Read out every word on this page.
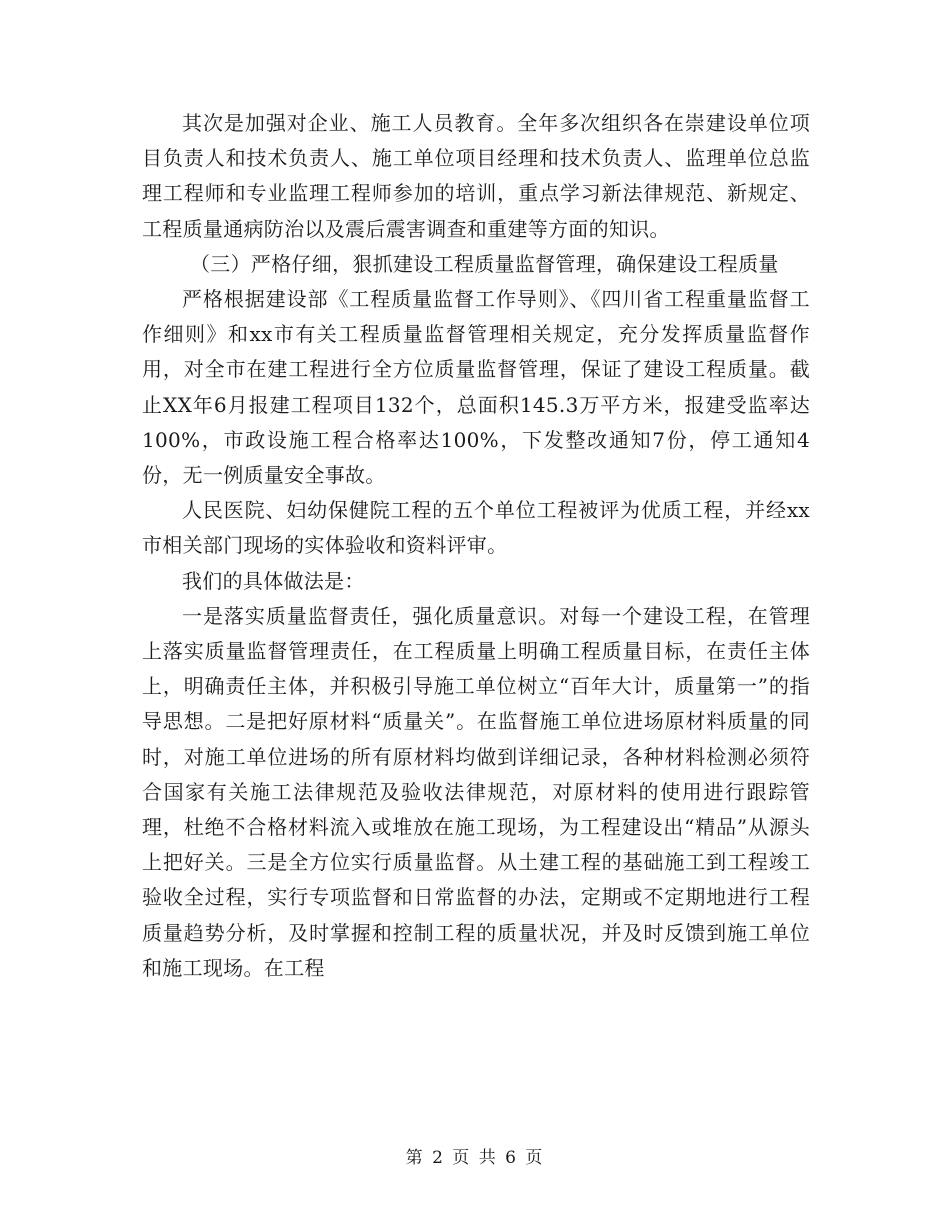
其次是加强对企业、施工人员教育。全年多次组织各在崇建设单位项目负责人和技术负责人、施工单位项目经理和技术负责人、监理单位总监理工程师和专业监理工程师参加的培训，重点学习新法律规范、新规定、工程质量通病防治以及震后震害调查和重建等方面的知识。

（三）严格仔细，狠抓建设工程质量监督管理，确保建设工程质量

严格根据建设部《工程质量监督工作导则》、《四川省工程重量监督工作细则》和xx市有关工程质量监督管理相关规定，充分发挥质量监督作用，对全市在建工程进行全方位质量监督管理，保证了建设工程质量。截止XX年6月报建工程项目132个，总面积145.3万平方米，报建受监率达100%，市政设施工程合格率达100%，下发整改通知7份，停工通知4份，无一例质量安全事故。

人民医院、妇幼保健院工程的五个单位工程被评为优质工程，并经xx市相关部门现场的实体验收和资料评审。

我们的具体做法是：

一是落实质量监督责任，强化质量意识。对每一个建设工程，在管理上落实质量监督管理责任，在工程质量上明确工程质量目标，在责任主体上，明确责任主体，并积极引导施工单位树立“百年大计，质量第一”的指导思想。二是把好原材料“质量关”。在监督施工单位进场原材料质量的同时，对施工单位进场的所有原材料均做到详细记录，各种材料检测必须符合国家有关施工法律规范及验收法律规范，对原材料的使用进行跟踪管理，杜绝不合格材料流入或堆放在施工现场，为工程建设出“精品”从源头上把好关。三是全方位实行质量监督。从土建工程的基础施工到工程竣工验收全过程，实行专项监督和日常监督的办法，定期或不定期地进行工程质量趋势分析，及时掌握和控制工程的质量状况，并及时反馈到施工单位和施工现场。在工程

第 2 页 共 6 页
